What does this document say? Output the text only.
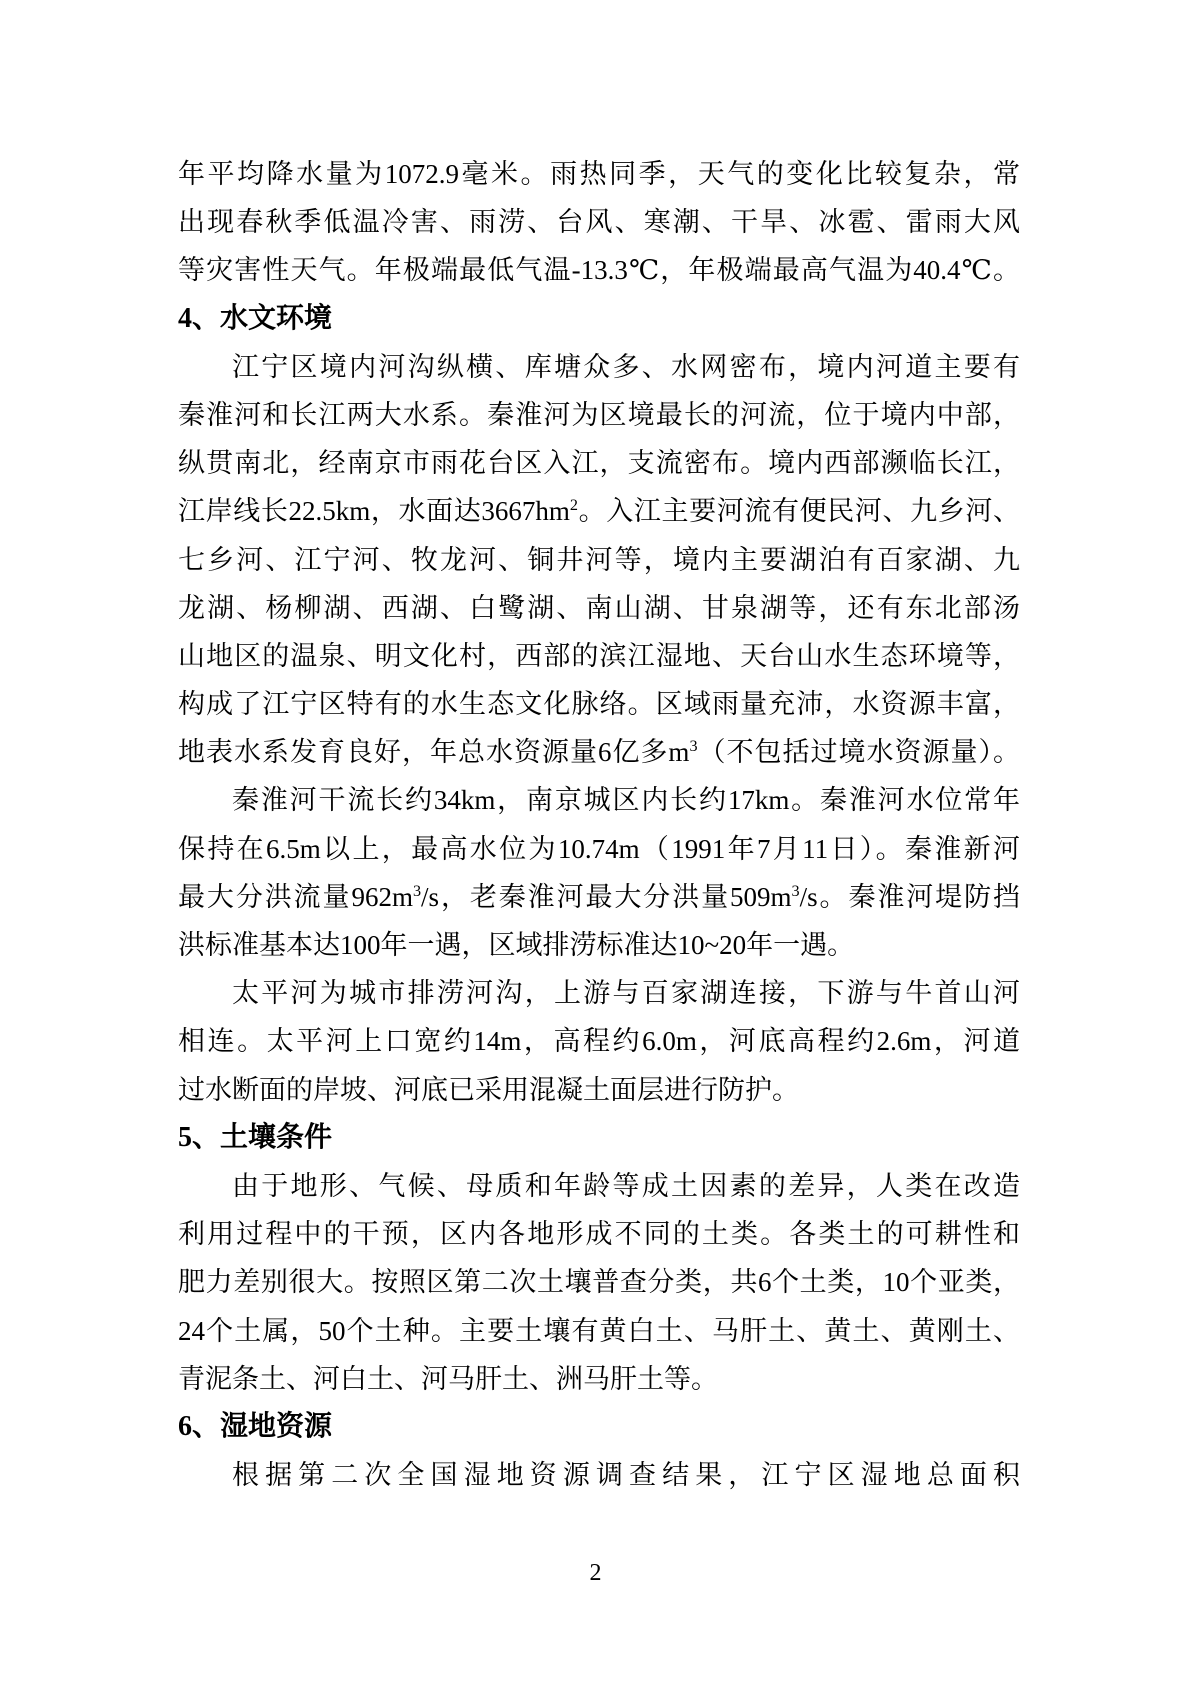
年平均降水量为1072.9毫米。雨热同季，天气的变化比较复杂，常
出现春秋季低温冷害、雨涝、台风、寒潮、干旱、冰雹、雷雨大风
等灾害性天气。年极端最低气温-13.3℃，年极端最高气温为40.4℃。
4、水文环境
江宁区境内河沟纵横、库塘众多、水网密布，境内河道主要有
秦淮河和长江两大水系。秦淮河为区境最长的河流，位于境内中部，
纵贯南北，经南京市雨花台区入江，支流密布。境内西部濒临长江，
江岸线长22.5km，水面达$3667hm^2$。入江主要河流有便民河、九乡河、
七乡河、江宁河、牧龙河、铜井河等，境内主要湖泊有百家湖、九
龙湖、杨柳湖、西湖、白鹭湖、南山湖、甘泉湖等，还有东北部汤
山地区的温泉、明文化村，西部的滨江湿地、天台山水生态环境等，
构成了江宁区特有的水生态文化脉络。区域雨量充沛，水资源丰富，
地表水系发育良好，年总水资源量6亿多$m^3$（不包括过境水资源量）。
秦淮河干流长约34km，南京城区内长约17km。秦淮河水位常年
保持在6.5m以上，最高水位为10.74m（1991年7月11日）。秦淮新河
最大分洪流量$962m^3/s$，老秦淮河最大分洪量$509m^3/s$。秦淮河堤防挡
洪标准基本达100年一遇，区域排涝标准达10~20年一遇。
太平河为城市排涝河沟，上游与百家湖连接，下游与牛首山河
相连。太平河上口宽约14m，高程约6.0m，河底高程约2.6m，河道
过水断面的岸坡、河底已采用混凝土面层进行防护。
5、土壤条件
由于地形、气候、母质和年龄等成土因素的差异，人类在改造
利用过程中的干预，区内各地形成不同的土类。各类土的可耕性和
肥力差别很大。按照区第二次土壤普查分类，共6个土类，10个亚类，
24个土属，50个土种。主要土壤有黄白土、马肝土、黄土、黄刚土、
青泥条土、河白土、河马肝土、洲马肝土等。
6、湿地资源
根据第二次全国湿地资源调查结果，江宁区湿地总面积
2
